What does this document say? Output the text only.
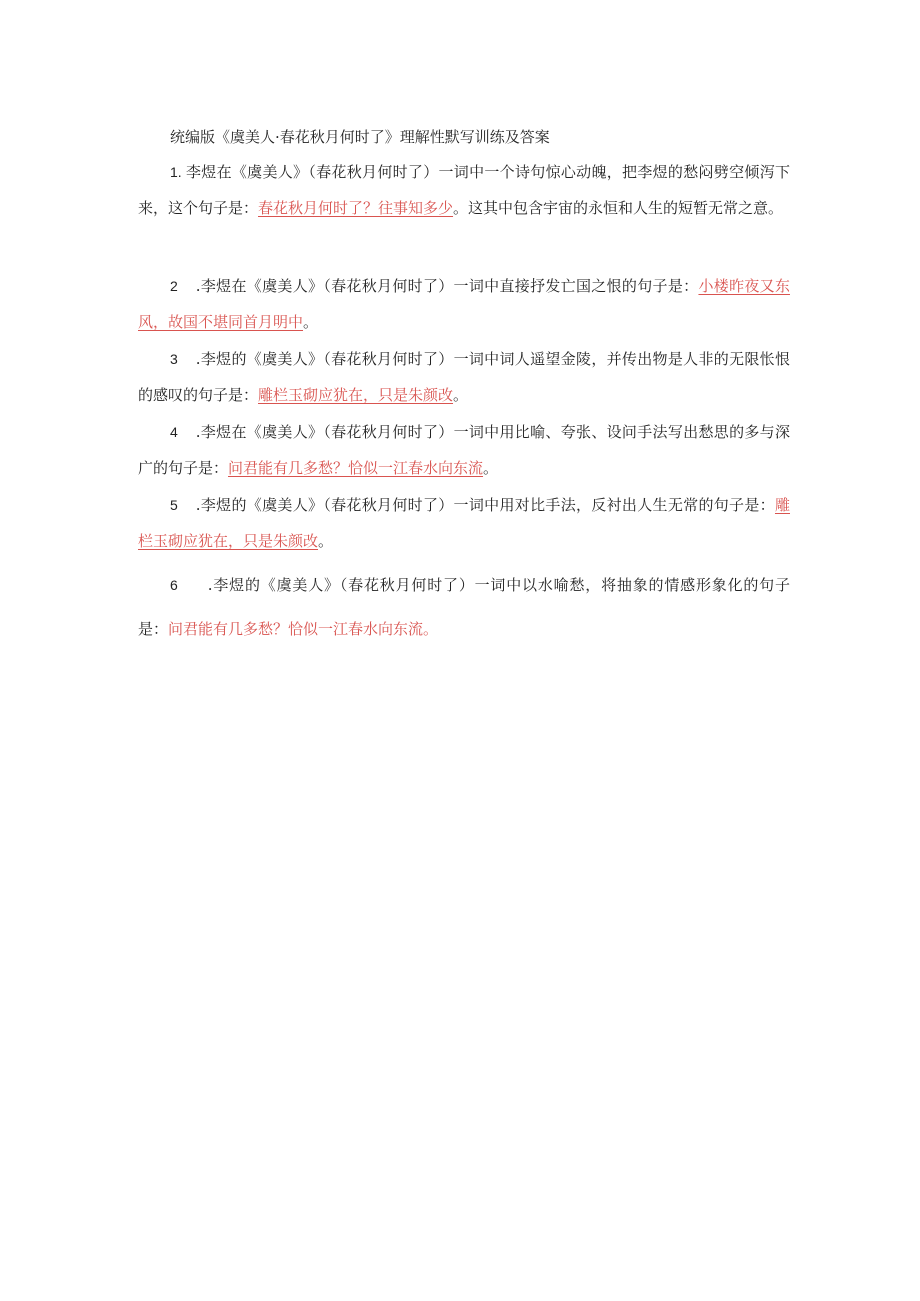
统编版《虞美人·春花秋月何时了》理解性默写训练及答案

1. 李煜在《虞美人》（春花秋月何时了）一词中一个诗句惊心动魄，把李煜的愁闷劈空倾泻下来，这个句子是：春花秋月何时了？往事知多少。这其中包含宇宙的永恒和人生的短暂无常之意。

2 .李煜在《虞美人》（春花秋月何时了）一词中直接抒发亡国之恨的句子是：小楼昨夜又东风，故国不堪同首月明中。

3 .李煜的《虞美人》（春花秋月何时了）一词中词人遥望金陵，并传出物是人非的无限怅恨的感叹的句子是：雕栏玉砌应犹在，只是朱颜改。

4 .李煜在《虞美人》（春花秋月何时了）一词中用比喻、夸张、设问手法写出愁思的多与深广的句子是：问君能有几多愁？恰似一江春水向东流。

5 .李煜的《虞美人》（春花秋月何时了）一词中用对比手法，反衬出人生无常的句子是：雕栏玉砌应犹在，只是朱颜改。

6 .李煜的《虞美人》（春花秋月何时了）一词中以水喻愁，将抽象的情感形象化的句子是：问君能有几多愁？恰似一江春水向东流。
